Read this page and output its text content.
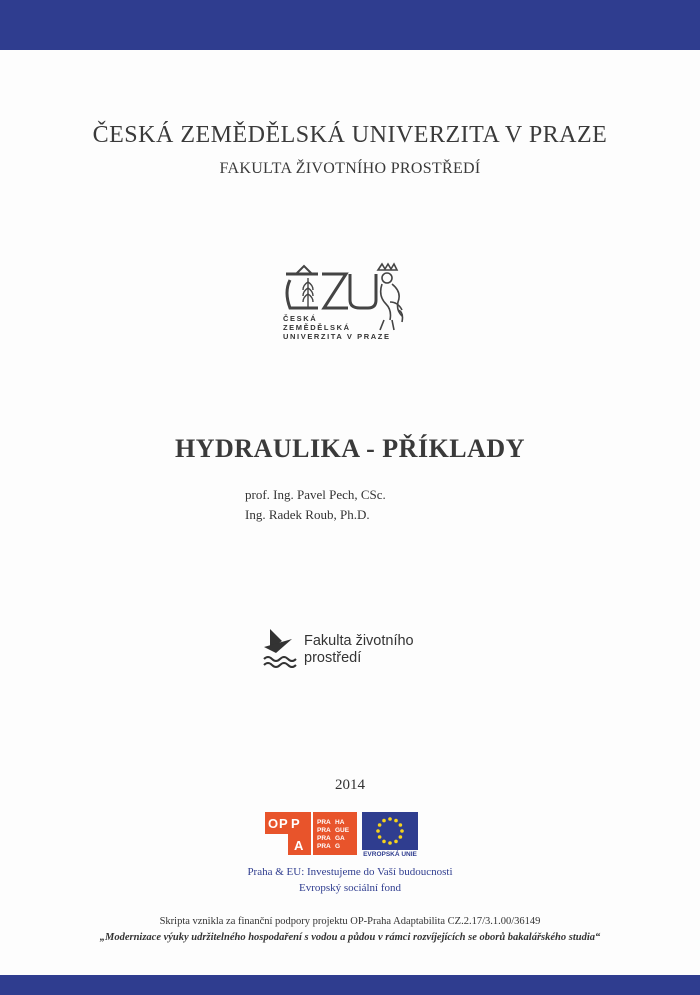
ČESKÁ ZEMĚDĚLSKÁ UNIVERZITA V PRAZE
FAKULTA ŽIVOTNÍHO PROSTŘEDÍ
ČESKÁ
ZEMĚDĚLSKÁ
UNIVERZITA V PRAZE
HYDRAULIKA - PŘÍKLADY
prof. Ing. Pavel Pech, CSc.
Ing. Radek Roub, Ph.D.
Fakulta životního
prostředí
2014
O P P
A
PRA HA
PRA GUE
PRA GA
PRA G
EVROPSKÁ UNIE
Praha & EU: Investujeme do Vaší budoucnosti
Evropský sociální fond
Skripta vznikla za finanční podpory projektu OP-Praha Adaptabilita CZ.2.17/3.1.00/36149
„Modernizace výuky udržitelného hospodaření s vodou a půdou v rámci rozvíjejících se oborů bakalářského studia“
